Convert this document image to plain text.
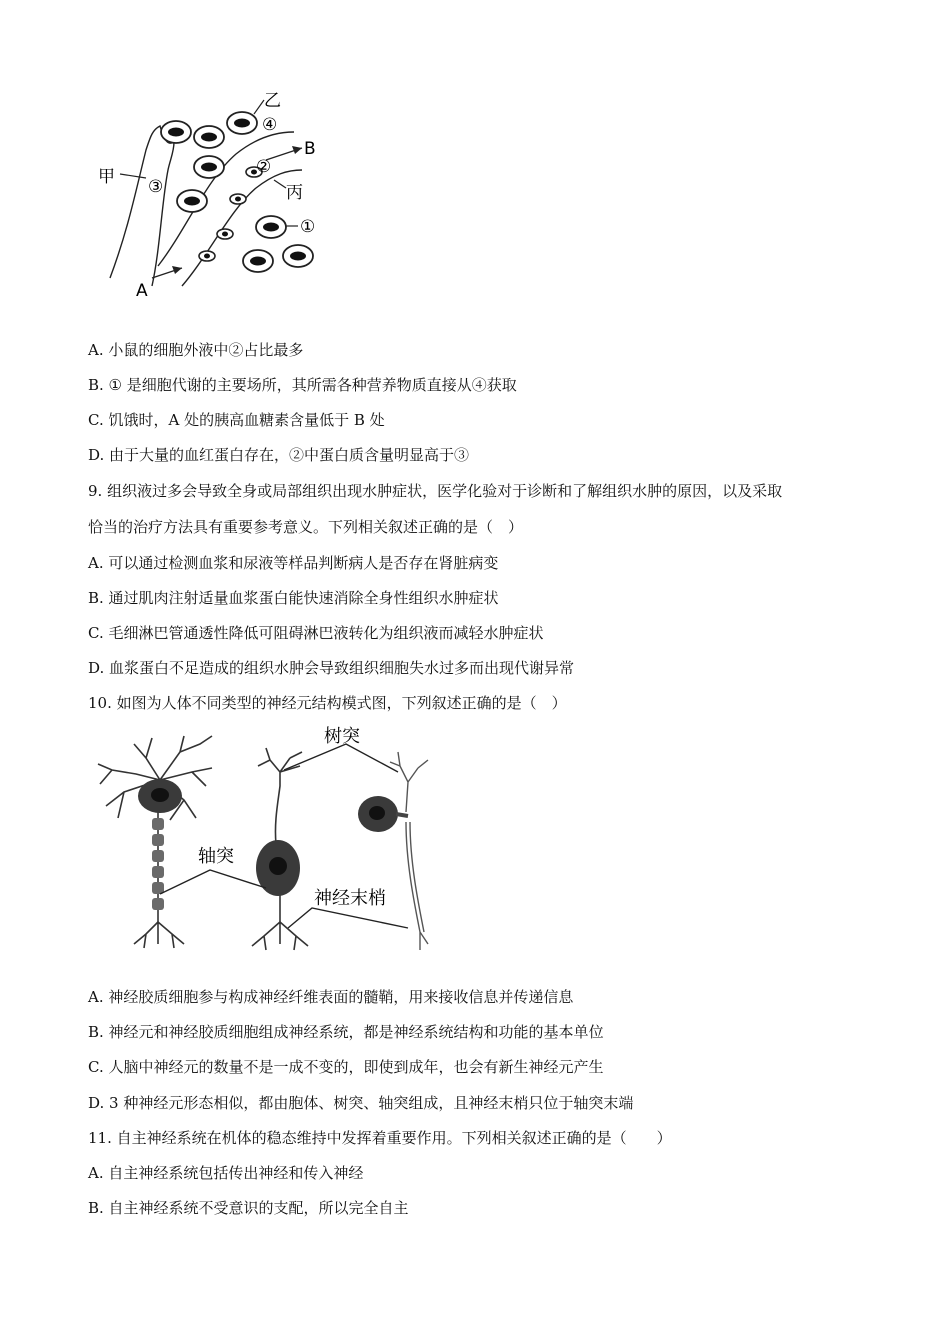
乙
④
B
②
甲 ③	丙
①
A
A. 小鼠的细胞外液中②占比最多
B. ① 是细胞代谢的主要场所，其所需各种营养物质直接从④获取
C. 饥饿时，A 处的胰高血糖素含量低于 B 处
D. 由于大量的血红蛋白存在，②中蛋白质含量明显高于③
9. 组织液过多会导致全身或局部组织出现水肿症状，医学化验对于诊断和了解组织水肿的原因，以及采取
恰当的治疗方法具有重要参考意义。下列相关叙述正确的是（　）
A. 可以通过检测血浆和尿液等样品判断病人是否存在肾脏病变
B. 通过肌肉注射适量血浆蛋白能快速消除全身性组织水肿症状
C. 毛细淋巴管通透性降低可阻碍淋巴液转化为组织液而减轻水肿症状
D. 血浆蛋白不足造成的组织水肿会导致组织细胞失水过多而出现代谢异常
10. 如图为人体不同类型的神经元结构模式图，下列叙述正确的是（　）
树突
轴突
神经末梢
A. 神经胶质细胞参与构成神经纤维表面的髓鞘，用来接收信息并传递信息
B. 神经元和神经胶质细胞组成神经系统，都是神经系统结构和功能的基本单位
C. 人脑中神经元的数量不是一成不变的，即使到成年，也会有新生神经元产生
D. 3 种神经元形态相似，都由胞体、树突、轴突组成，且神经末梢只位于轴突末端
11. 自主神经系统在机体的稳态维持中发挥着重要作用。下列相关叙述正确的是（　　）
A. 自主神经系统包括传出神经和传入神经
B. 自主神经系统不受意识的支配，所以完全自主
